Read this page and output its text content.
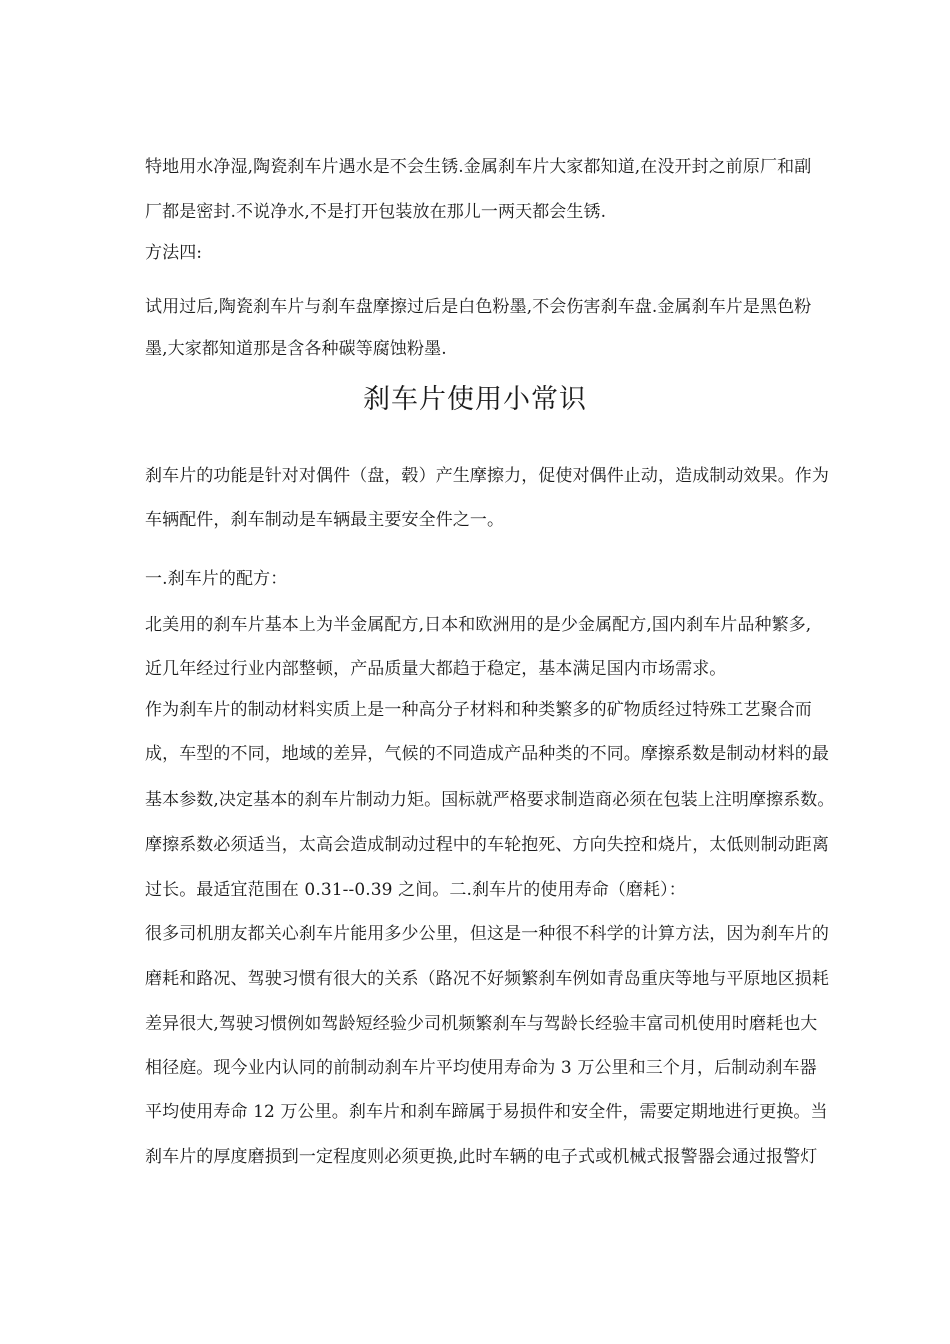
特地用水净湿,陶瓷刹车片遇水是不会生锈.金属刹车片大家都知道,在没开封之前原厂和副
厂都是密封.不说净水,不是打开包装放在那儿一两天都会生锈.
方法四:
试用过后,陶瓷刹车片与刹车盘摩擦过后是白色粉墨,不会伤害刹车盘.金属刹车片是黑色粉
墨,大家都知道那是含各种碳等腐蚀粉墨.
刹车片使用小常识
刹车片的功能是针对对偶件（盘，毂）产生摩擦力，促使对偶件止动，造成制动效果。作为
车辆配件，刹车制动是车辆最主要安全件之一。
一.刹车片的配方：
北美用的刹车片基本上为半金属配方,日本和欧洲用的是少金属配方,国内刹车片品种繁多,
近几年经过行业内部整顿，产品质量大都趋于稳定，基本满足国内市场需求。
作为刹车片的制动材料实质上是一种高分子材料和种类繁多的矿物质经过特殊工艺聚合而
成，车型的不同，地域的差异，气候的不同造成产品种类的不同。摩擦系数是制动材料的最
基本参数,决定基本的刹车片制动力矩。国标就严格要求制造商必须在包装上注明摩擦系数。
摩擦系数必须适当，太高会造成制动过程中的车轮抱死、方向失控和烧片，太低则制动距离
过长。最适宜范围在 0.31--0.39 之间。二.刹车片的使用寿命（磨耗）：
很多司机朋友都关心刹车片能用多少公里，但这是一种很不科学的计算方法，因为刹车片的
磨耗和路况、驾驶习惯有很大的关系（路况不好频繁刹车例如青岛重庆等地与平原地区损耗
差异很大,驾驶习惯例如驾龄短经验少司机频繁刹车与驾龄长经验丰富司机使用时磨耗也大
相径庭。现今业内认同的前制动刹车片平均使用寿命为 3 万公里和三个月，后制动刹车器
平均使用寿命 12 万公里。刹车片和刹车蹄属于易损件和安全件，需要定期地进行更换。当
刹车片的厚度磨损到一定程度则必须更换,此时车辆的电子式或机械式报警器会通过报警灯
